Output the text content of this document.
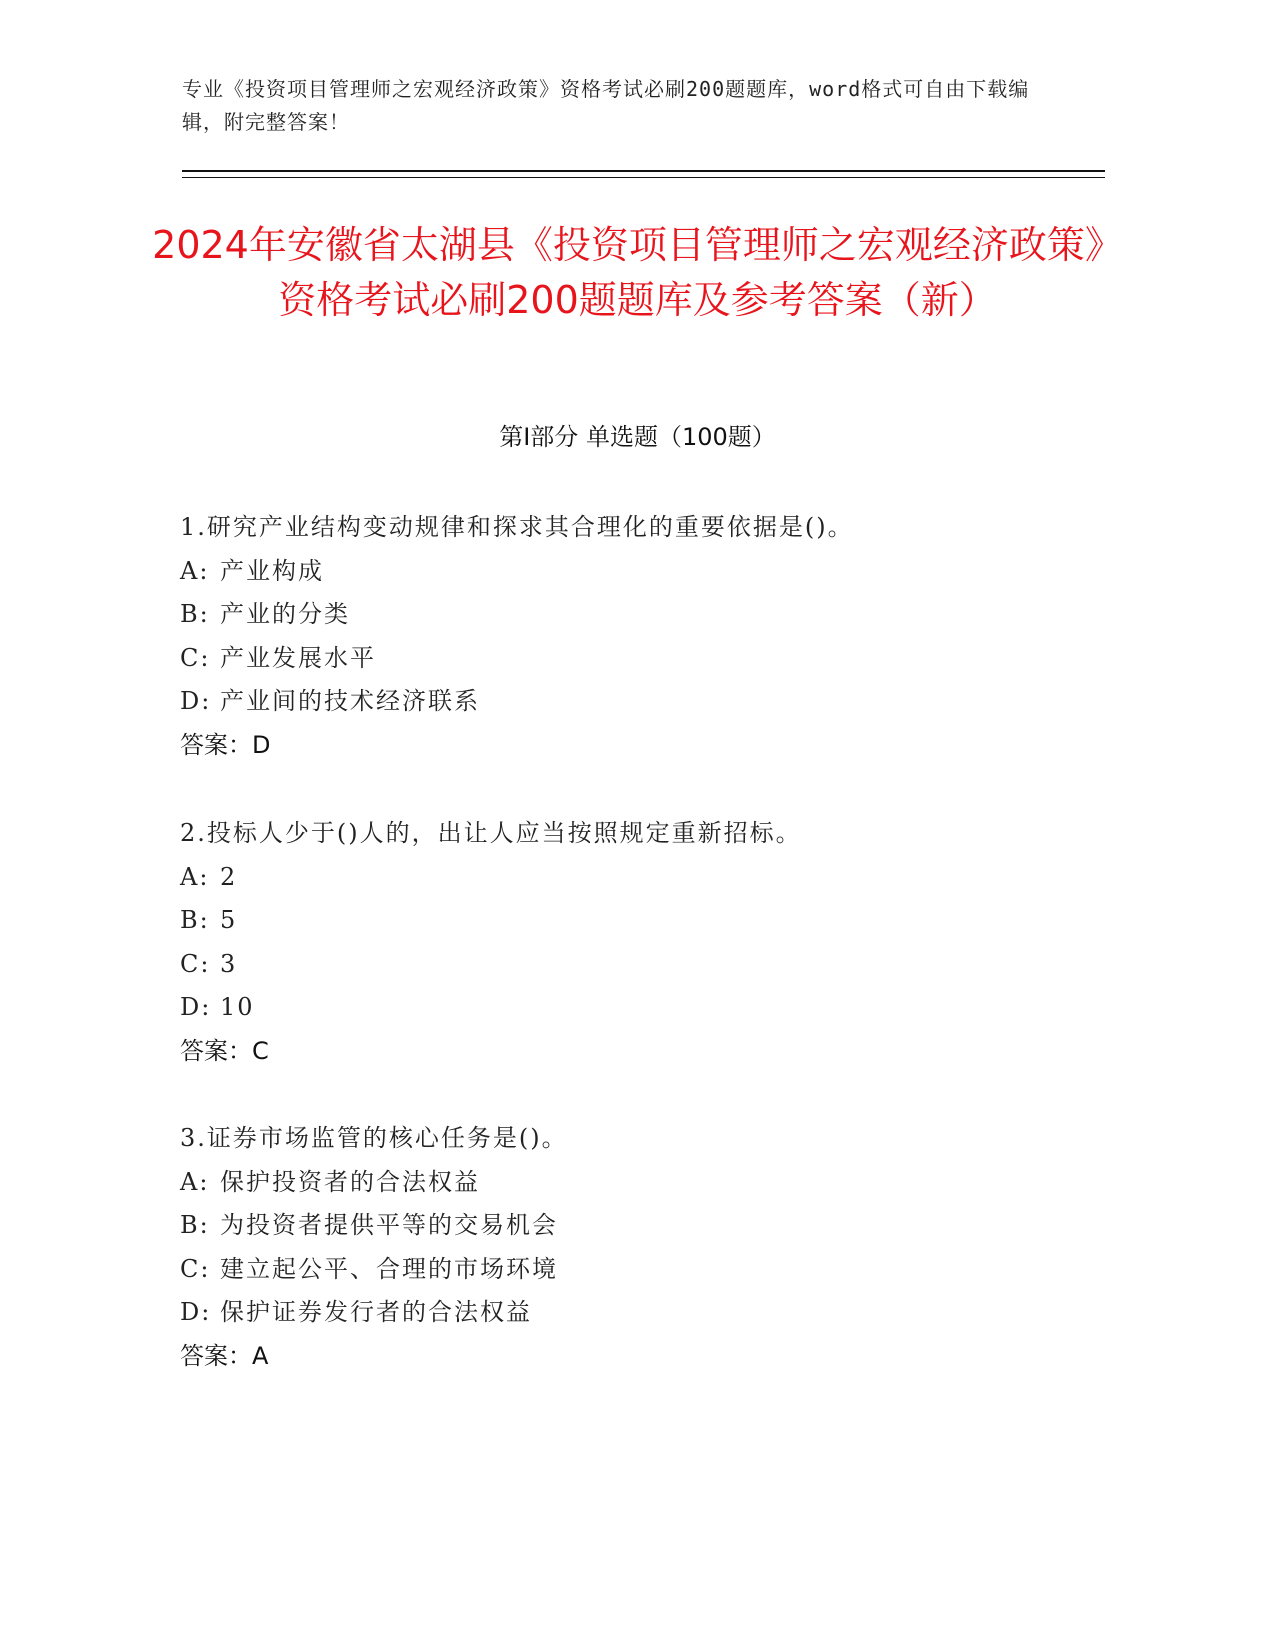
专业《投资项目管理师之宏观经济政策》资格考试必刷200题题库，word格式可自由下载编辑，附完整答案！
2024年安徽省太湖县《投资项目管理师之宏观经济政策》资格考试必刷200题题库及参考答案（新）
第I部分 单选题（100题）
1.研究产业结构变动规律和探求其合理化的重要依据是()。
A: 产业构成
B: 产业的分类
C: 产业发展水平
D: 产业间的技术经济联系
答案：D
2.投标人少于()人的，出让人应当按照规定重新招标。
A: 2
B: 5
C: 3
D: 10
答案：C
3.证券市场监管的核心任务是()。
A: 保护投资者的合法权益
B: 为投资者提供平等的交易机会
C: 建立起公平、合理的市场环境
D: 保护证券发行者的合法权益
答案：A
